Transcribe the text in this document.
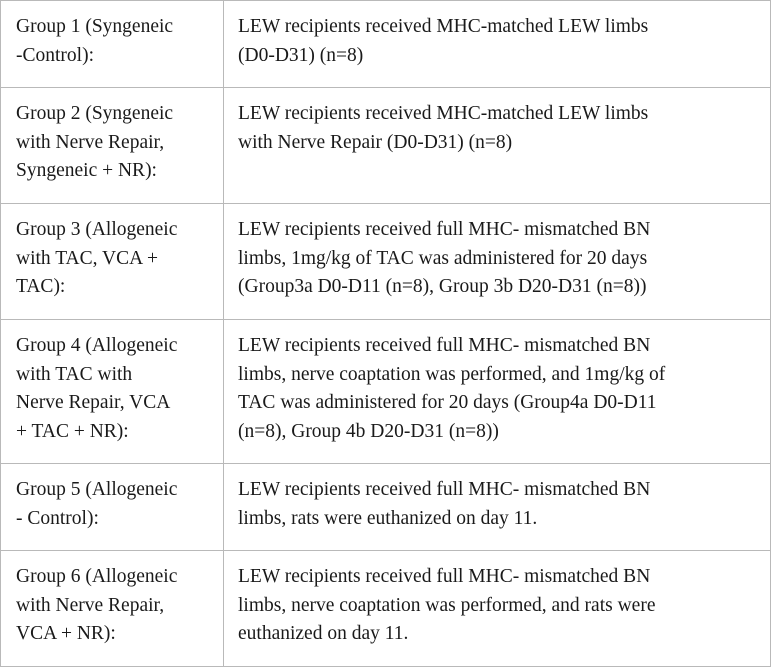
Group 1 (Syngeneic
-Control):	LEW recipients received MHC-matched LEW limbs
(D0-D31) (n=8)

Group 2 (Syngeneic
with Nerve Repair,
Syngeneic + NR):	LEW recipients received MHC-matched LEW limbs
with Nerve Repair (D0-D31) (n=8)

Group 3 (Allogeneic
with TAC, VCA +
TAC):	LEW recipients received full MHC- mismatched BN
limbs, 1mg/kg of TAC was administered for 20 days
(Group3a D0-D11 (n=8), Group 3b D20-D31 (n=8))

Group 4 (Allogeneic
with TAC with
Nerve Repair, VCA
+ TAC + NR):	LEW recipients received full MHC- mismatched BN
limbs, nerve coaptation was performed, and 1mg/kg of
TAC was administered for 20 days (Group4a D0-D11
(n=8), Group 4b D20-D31 (n=8))

Group 5 (Allogeneic
- Control):	LEW recipients received full MHC- mismatched BN
limbs, rats were euthanized on day 11.

Group 6 (Allogeneic
with Nerve Repair,
VCA + NR):	LEW recipients received full MHC- mismatched BN
limbs, nerve coaptation was performed, and rats were
euthanized on day 11.
